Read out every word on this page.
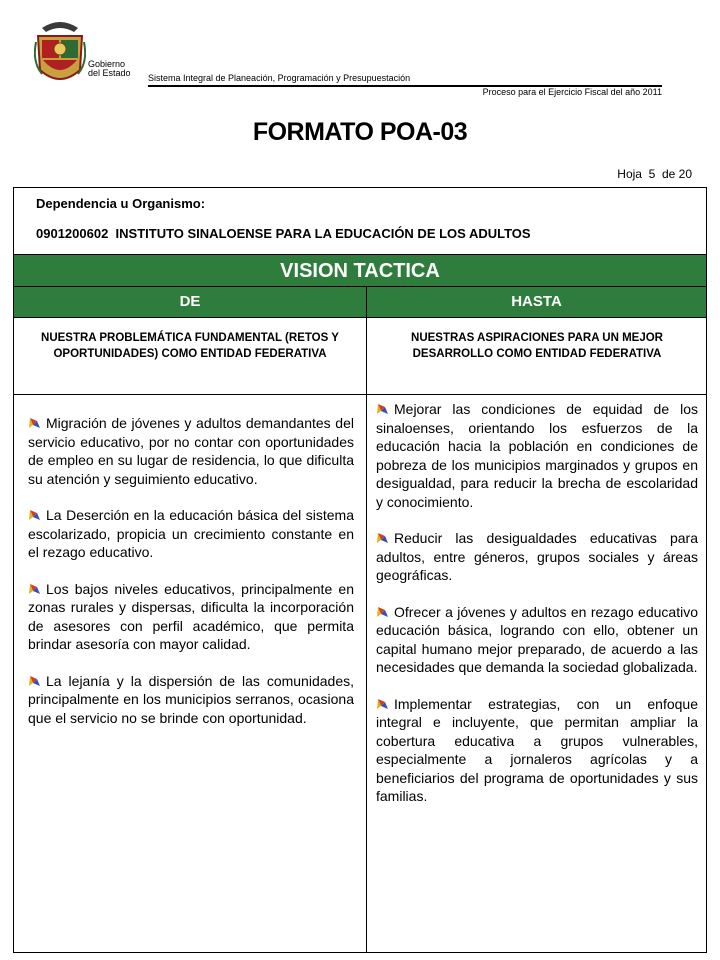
Gobierno
del Estado Sistema Integral de Planeación, Programación y Presupuestación
Proceso para el Ejercicio Fiscal del año 2011
FORMATO POA-03
Hoja  5  de 20
Dependencia u Organismo:
0901200602  INSTITUTO SINALOENSE PARA LA EDUCACIÓN DE LOS ADULTOS
VISION TACTICA
DE	HASTA
NUESTRA PROBLEMÁTICA FUNDAMENTAL (RETOS Y OPORTUNIDADES) COMO ENTIDAD FEDERATIVA
NUESTRAS ASPIRACIONES PARA UN MEJOR DESARROLLO COMO ENTIDAD FEDERATIVA
Migración de jóvenes y adultos demandantes del servicio educativo, por no contar con oportunidades de empleo en su lugar de residencia, lo que dificulta su atención y seguimiento educativo.
La Deserción en la educación básica del sistema escolarizado, propicia un crecimiento constante en el rezago educativo.
Los bajos niveles educativos, principalmente en zonas rurales y dispersas, dificulta la incorporación de asesores con perfil académico, que permita brindar asesoría con mayor calidad.
La lejanía y la dispersión de las comunidades, principalmente en los municipios serranos, ocasiona que el servicio no se brinde con oportunidad.
Mejorar las condiciones de equidad de los sinaloenses, orientando los esfuerzos de la educación hacia la población en condiciones de pobreza de los municipios marginados y grupos en desigualdad, para reducir la brecha de escolaridad y conocimiento.
Reducir las desigualdades educativas para adultos, entre géneros, grupos sociales y áreas geográficas.
Ofrecer a jóvenes y adultos en rezago educativo educación básica, logrando con ello, obtener un capital humano mejor preparado, de acuerdo a las necesidades que demanda la sociedad globalizada.
Implementar estrategias, con un enfoque integral e incluyente, que permitan ampliar la cobertura educativa a grupos vulnerables, especialmente a jornaleros agrícolas y a beneficiarios del programa de oportunidades y sus familias.
